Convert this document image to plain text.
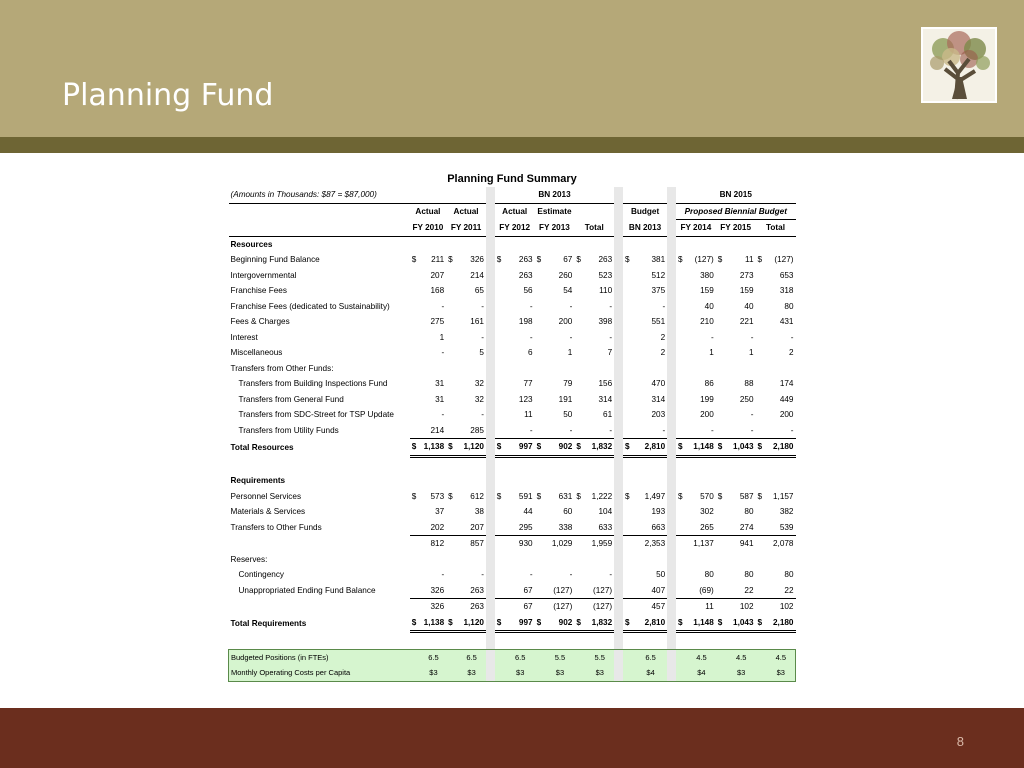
Planning Fund
Planning Fund Summary
(Amounts in Thousands: $87 = $87,000)						BN 2013										BN 2015					
	Actual		Actual			Actual		Estimate					Budget			Proposed Biennial Budget					
	FY 2010		FY 2011			FY 2012		FY 2013		Total			BN 2013			FY 2014		FY 2015		Total	
Resources																					
Beginning Fund Balance	$	211	$	326		$	263	$	67	$	263		$	381		$	(127)	$	11	$	(127)
Intergovernmental		207		214			263		260		523			512			380		273		653
Franchise Fees		168		65			56		54		110			375			159		159		318
Franchise Fees (dedicated to Sustainability)		-		-			-		-		-			-			40		40		80
Fees & Charges		275		161			198		200		398			551			210		221		431
Interest		1		-			-		-		-			2			-		-		-
Miscellaneous		-		5			6		1		7			2			1		1		2
Transfers from Other Funds:																					
Transfers from Building Inspections Fund		31		32			77		79		156			470			86		88		174
Transfers from General Fund		31		32			123		191		314			314			199		250		449
Transfers from SDC-Street for TSP Update		-		-			11		50		61			203			200		-		200
Transfers from Utility Funds		214		285			-		-		-			-			-		-		-
Total Resources	$	1,138	$	1,120		$	997	$	902	$	1,832		$	2,810		$	1,148	$	1,043	$	2,180

Requirements																					
Personnel Services	$	573	$	612		$	591	$	631	$	1,222		$	1,497		$	570	$	587	$	1,157
Materials & Services		37		38			44		60		104			193			302		80		382
Transfers to Other Funds		202		207			295		338		633			663			265		274		539
		812		857			930		1,029		1,959			2,353			1,137		941		2,078
Reserves:																					
Contingency		-		-			-		-		-			50			80		80		80
Unappropriated Ending Fund Balance		326		263			67		(127)		(127)			407			(69)		22		22
		326		263			67		(127)		(127)			457			11		102		102
Total Requirements	$	1,138	$	1,120		$	997	$	902	$	1,832		$	2,810		$	1,148	$	1,043	$	2,180

Budgeted Positions (in FTEs)		6.5		6.5			6.5		5.5		5.5			6.5			4.5		4.5		4.5
Monthly Operating Costs per Capita		$3		$3			$3		$3		$3			$4			$4		$3		$3
8
